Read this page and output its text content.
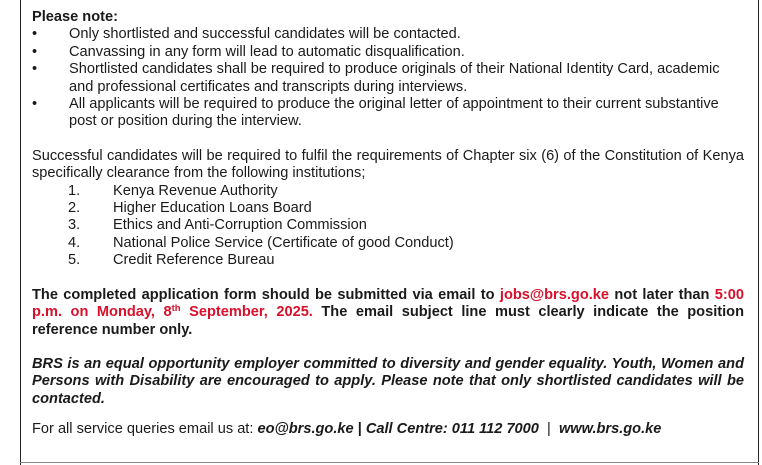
Please note:

•	Only shortlisted and successful candidates will be contacted.
•	Canvassing in any form will lead to automatic disqualification.
•	Shortlisted candidates shall be required to produce originals of their National Identity Card, academic and professional certificates and transcripts during interviews.
•	All applicants will be required to produce the original letter of appointment to their current substantive post or position during the interview.

Successful candidates will be required to fulfil the requirements of Chapter six (6) of the Constitution of Kenya specifically clearance from the following institutions;

1. Kenya Revenue Authority
2. Higher Education Loans Board
3. Ethics and Anti-Corruption Commission
4. National Police Service (Certificate of good Conduct)
5. Credit Reference Bureau

The completed application form should be submitted via email to jobs@brs.go.ke not later than 5:00 p.m. on Monday, 8th September, 2025. The email subject line must clearly indicate the position reference number only.

BRS is an equal opportunity employer committed to diversity and gender equality. Youth, Women and Persons with Disability are encouraged to apply. Please note that only shortlisted candidates will be contacted.

For all service queries email us at: eo@brs.go.ke | Call Centre: 011 112 7000  |  www.brs.go.ke
